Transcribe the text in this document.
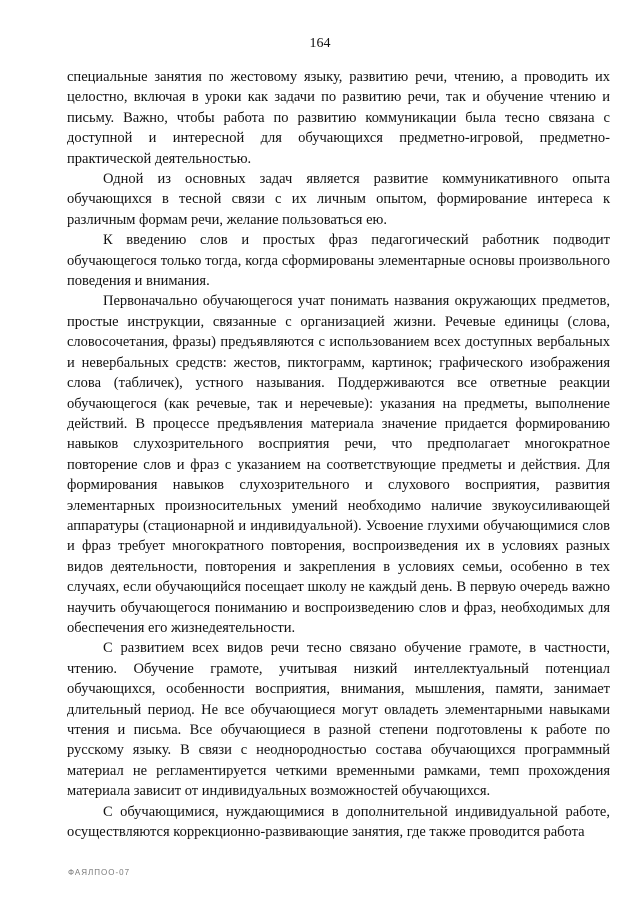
164

специальные занятия по жестовому языку, развитию речи, чтению, а проводить их целостно, включая в уроки как задачи по развитию речи, так и обучение чтению и письму. Важно, чтобы работа по развитию коммуникации была тесно связана с доступной и интересной для обучающихся предметно-игровой, предметно-практической деятельностью.

Одной из основных задач является развитие коммуникативного опыта обучающихся в тесной связи с их личным опытом, формирование интереса к различным формам речи, желание пользоваться ею.

К введению слов и простых фраз педагогический работник подводит обучающегося только тогда, когда сформированы элементарные основы произвольного поведения и внимания.

Первоначально обучающегося учат понимать названия окружающих предметов, простые инструкции, связанные с организацией жизни. Речевые единицы (слова, словосочетания, фразы) предъявляются с использованием всех доступных вербальных и невербальных средств: жестов, пиктограмм, картинок; графического изображения слова (табличек), устного называния. Поддерживаются все ответные реакции обучающегося (как речевые, так и неречевые): указания на предметы, выполнение действий. В процессе предъявления материала значение придается формированию навыков слухозрительного восприятия речи, что предполагает многократное повторение слов и фраз с указанием на соответствующие предметы и действия. Для формирования навыков слухозрительного и слухового восприятия, развития элементарных произносительных умений необходимо наличие звукоусиливающей аппаратуры (стационарной и индивидуальной). Усвоение глухими обучающимися слов и фраз требует многократного повторения, воспроизведения их в условиях разных видов деятельности, повторения и закрепления в условиях семьи, особенно в тех случаях, если обучающийся посещает школу не каждый день. В первую очередь важно научить обучающегося пониманию и воспроизведению слов и фраз, необходимых для обеспечения его жизнедеятельности.

С развитием всех видов речи тесно связано обучение грамоте, в частности, чтению. Обучение грамоте, учитывая низкий интеллектуальный потенциал обучающихся, особенности восприятия, внимания, мышления, памяти, занимает длительный период. Не все обучающиеся могут овладеть элементарными навыками чтения и письма. Все обучающиеся в разной степени подготовлены к работе по русскому языку. В связи с неоднородностью состава обучающихся программный материал не регламентируется четкими временными рамками, темп прохождения материала зависит от индивидуальных возможностей обучающихся.

С обучающимися, нуждающимися в дополнительной индивидуальной работе, осуществляются коррекционно-развивающие занятия, где также проводится работа

ФАЯЛПОО-07
